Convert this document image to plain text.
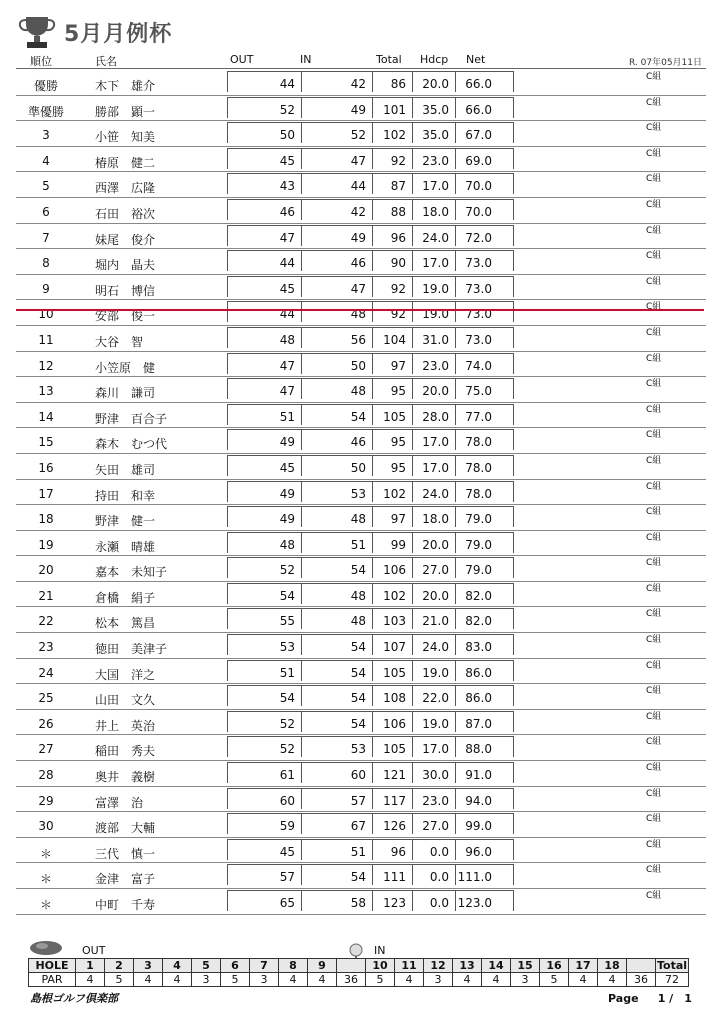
5月月例杯
R. 07年05月11日
順位	氏名	OUT	IN	Total Hdcp Net
優勝	木下　雄介	44	42	86	20.0	66.0	C組
準優勝	勝部　顕一	52	49	101	35.0	66.0	C組
3	小笹　知美	50	52	102	35.0	67.0	C組
4	椿原　健二	45	47	92	23.0	69.0	C組
5	西澤　広隆	43	44	87	17.0	70.0	C組
6	石田　裕次	46	42	88	18.0	70.0	C組
7	妹尾　俊介	47	49	96	24.0	72.0	C組
8	堀内　晶夫	44	46	90	17.0	73.0	C組
9	明石　博信	45	47	92	19.0	73.0	C組
10	安部　俊一	44	48	92	19.0	73.0	C組
11	大谷　智	48	56	104	31.0	73.0	C組
12	小笠原　健	47	50	97	23.0	74.0	C組
13	森川　謙司	47	48	95	20.0	75.0	C組
14	野津　百合子	51	54	105	28.0	77.0	C組
15	森木　むつ代	49	46	95	17.0	78.0	C組
16	矢田　雄司	45	50	95	17.0	78.0	C組
17	持田　和幸	49	53	102	24.0	78.0	C組
18	野津　健一	49	48	97	18.0	79.0	C組
19	永瀬　晴雄	48	51	99	20.0	79.0	C組
20	嘉本　未知子	52	54	106	27.0	79.0	C組
21	倉橋　絹子	54	48	102	20.0	82.0	C組
22	松本　篤昌	55	48	103	21.0	82.0	C組
23	徳田　美津子	53	54	107	24.0	83.0	C組
24	大国　洋之	51	54	105	19.0	86.0	C組
25	山田　文久	54	54	108	22.0	86.0	C組
26	井上　英治	52	54	106	19.0	87.0	C組
27	稲田　秀夫	52	53	105	17.0	88.0	C組
28	奥井　義樹	61	60	121	30.0	91.0	C組
29	富澤　治	60	57	117	23.0	94.0	C組
30	渡部　大輔	59	67	126	27.0	99.0	C組
＊	三代　慎一	45	51	96	0.0	96.0	C組
＊	金津　富子	57	54	111	0.0 111.0	C組
＊	中町　千寿	65	58	123	0.0 123.0	C組
OUT	IN
HOLE	1	2	3	4	5	6	7	8	9		10	11	12	13	14	15	16	17	18		Total
PAR	4	5	4	4	3	5	3	4	4	36	5	4	3	4	4	3	5	4	4	36	72
島根ゴルフ倶楽部	Page 1 /　1
